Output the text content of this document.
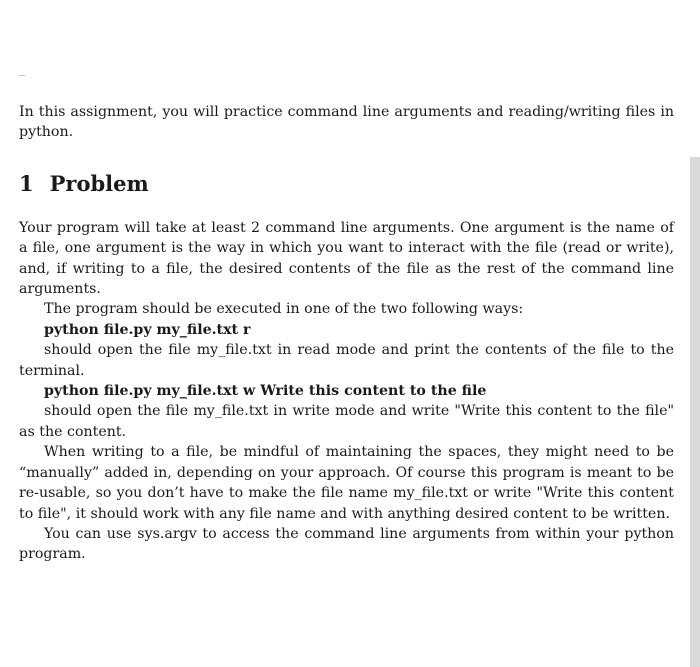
In this assignment, you will practice command line arguments and reading/writing files in python.

1 Problem

Your program will take at least 2 command line arguments. One argument is the name of a file, one argument is the way in which you want to interact with the file (read or write), and, if writing to a file, the desired contents of the file as the rest of the command line arguments.

The program should be executed in one of the two following ways:

python file.py my_file.txt r

should open the file my_file.txt in read mode and print the contents of the file to the terminal.

python file.py my_file.txt w Write this content to the file

should open the file my_file.txt in write mode and write "Write this content to the file" as the content.

When writing to a file, be mindful of maintaining the spaces, they might need to be “manually” added in, depending on your approach. Of course this program is meant to be re-usable, so you don’t have to make the file name my_file.txt or write "Write this content to file", it should work with any file name and with anything desired content to be written.

You can use sys.argv to access the command line arguments from within your python program.
